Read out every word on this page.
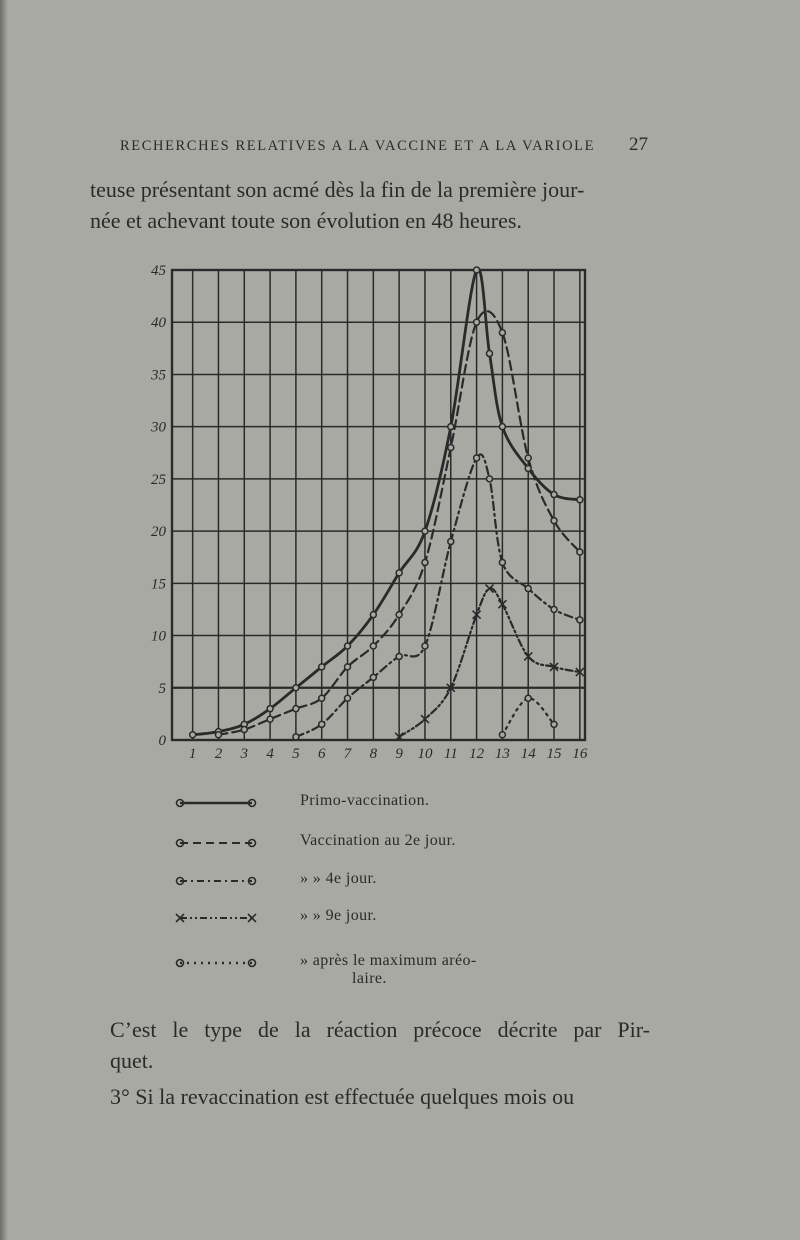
RECHERCHES RELATIVES A LA VACCINE ET A LA VARIOLE 27
teuse présentant son acmé dès la fin de la première jour-
née et achevant toute son évolution en 48 heures.
0
5
10
15
20
25
30
35
40
45
1 2 3 4 5 6 7 8 9 10 11 12 13 14 15 16
Primo-vaccination.
Vaccination au 2e jour.
» » 4e jour.
» » 9e jour.
» après le maximum aréo-
laire.
C’est le type de la réaction précoce décrite par Pir-
quet.
3° Si la revaccination est effectuée quelques mois ou
